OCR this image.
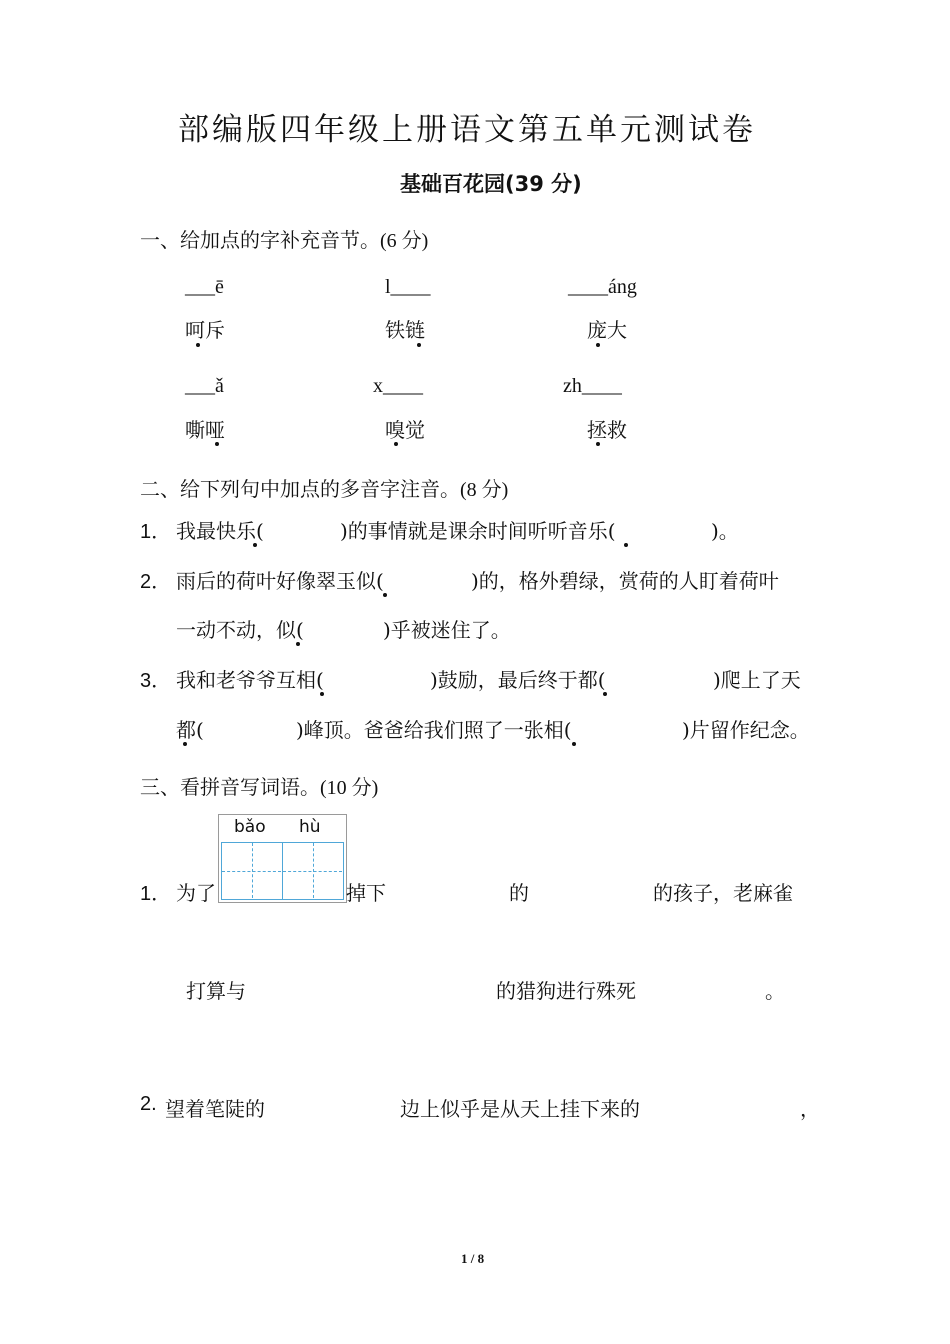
部编版四年级上册语文第五单元测试卷
基础百花园(39 分)
一、给加点的字补充音节。(6 分)
___ē
呵斥
l____
铁链
____áng
庞大
___ǎ
嘶哑
x____
嗅觉
zh____
拯救
二、给下列句中加点的多音字注音。(8 分)
1． 我最快乐(	)的事情就是课余时间听听音乐(	)。
2． 雨后的荷叶好像翠玉似(	)的，格外碧绿，赏荷的人盯着荷叶
一动不动，似(	)乎被迷住了。
3． 我和老爷爷互相(	)鼓励，最后终于都(	)爬上了天
都(	)峰顶。爸爸给我们照了一张相(	)片留作纪念。
三、看拼音写词语。(10 分)
bǎo hù
1． 为了	掉下	的	的孩子，老麻雀
打算与	的猎狗进行殊死	。
2. 望着笔陡的	边上似乎是从天上挂下来的	，
1 / 8
